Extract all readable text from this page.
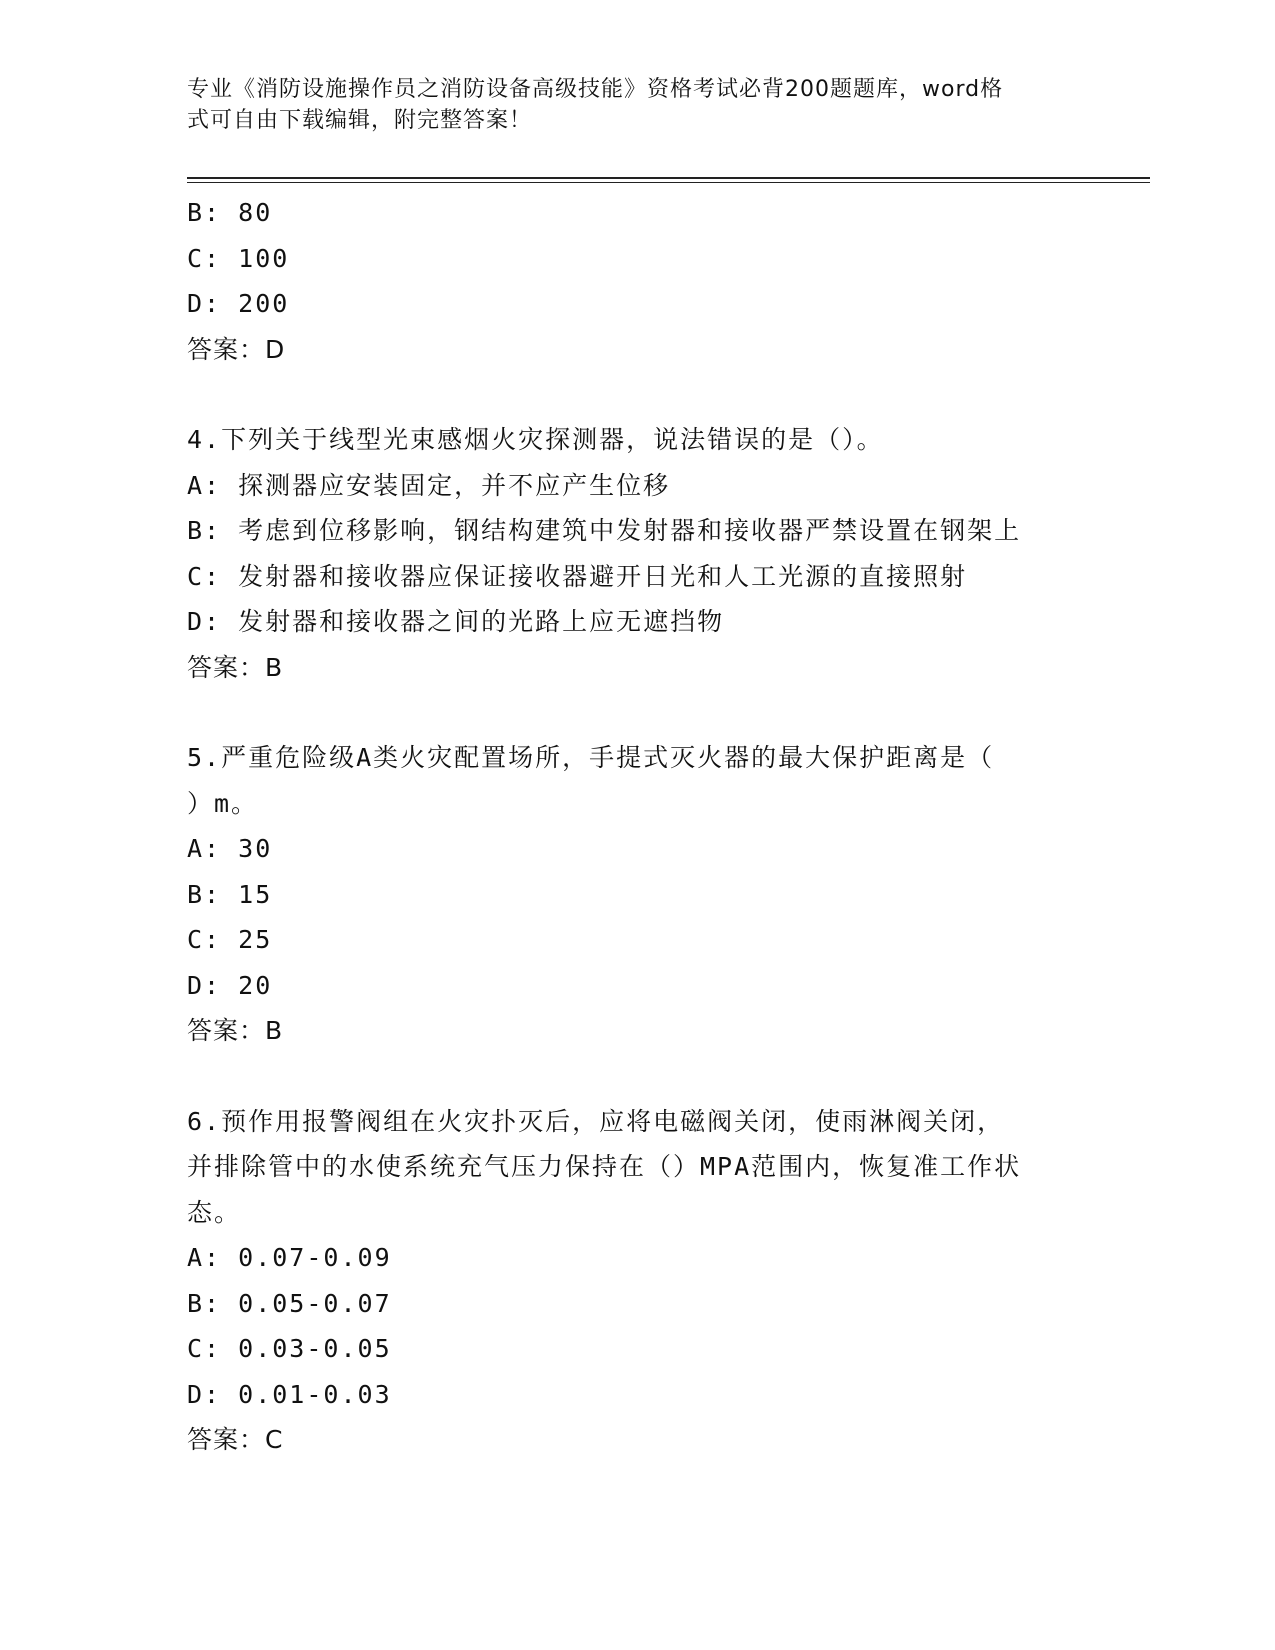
专业《消防设施操作员之消防设备高级技能》资格考试必背200题题库，word格
式可自由下载编辑，附完整答案！
B: 80
C: 100
D: 200
答案：D
4.下列关于线型光束感烟火灾探测器，说法错误的是（）。
A: 探测器应安装固定，并不应产生位移
B: 考虑到位移影响，钢结构建筑中发射器和接收器严禁设置在钢架上
C: 发射器和接收器应保证接收器避开日光和人工光源的直接照射
D: 发射器和接收器之间的光路上应无遮挡物
答案：B
5.严重危险级A类火灾配置场所，手提式灭火器的最大保护距离是（
）m。
A: 30
B: 15
C: 25
D: 20
答案：B
6.预作用报警阀组在火灾扑灭后，应将电磁阀关闭，使雨淋阀关闭，
并排除管中的水使系统充气压力保持在（）MPA范围内，恢复准工作状
态。
A: 0.07-0.09
B: 0.05-0.07
C: 0.03-0.05
D: 0.01-0.03
答案：C
